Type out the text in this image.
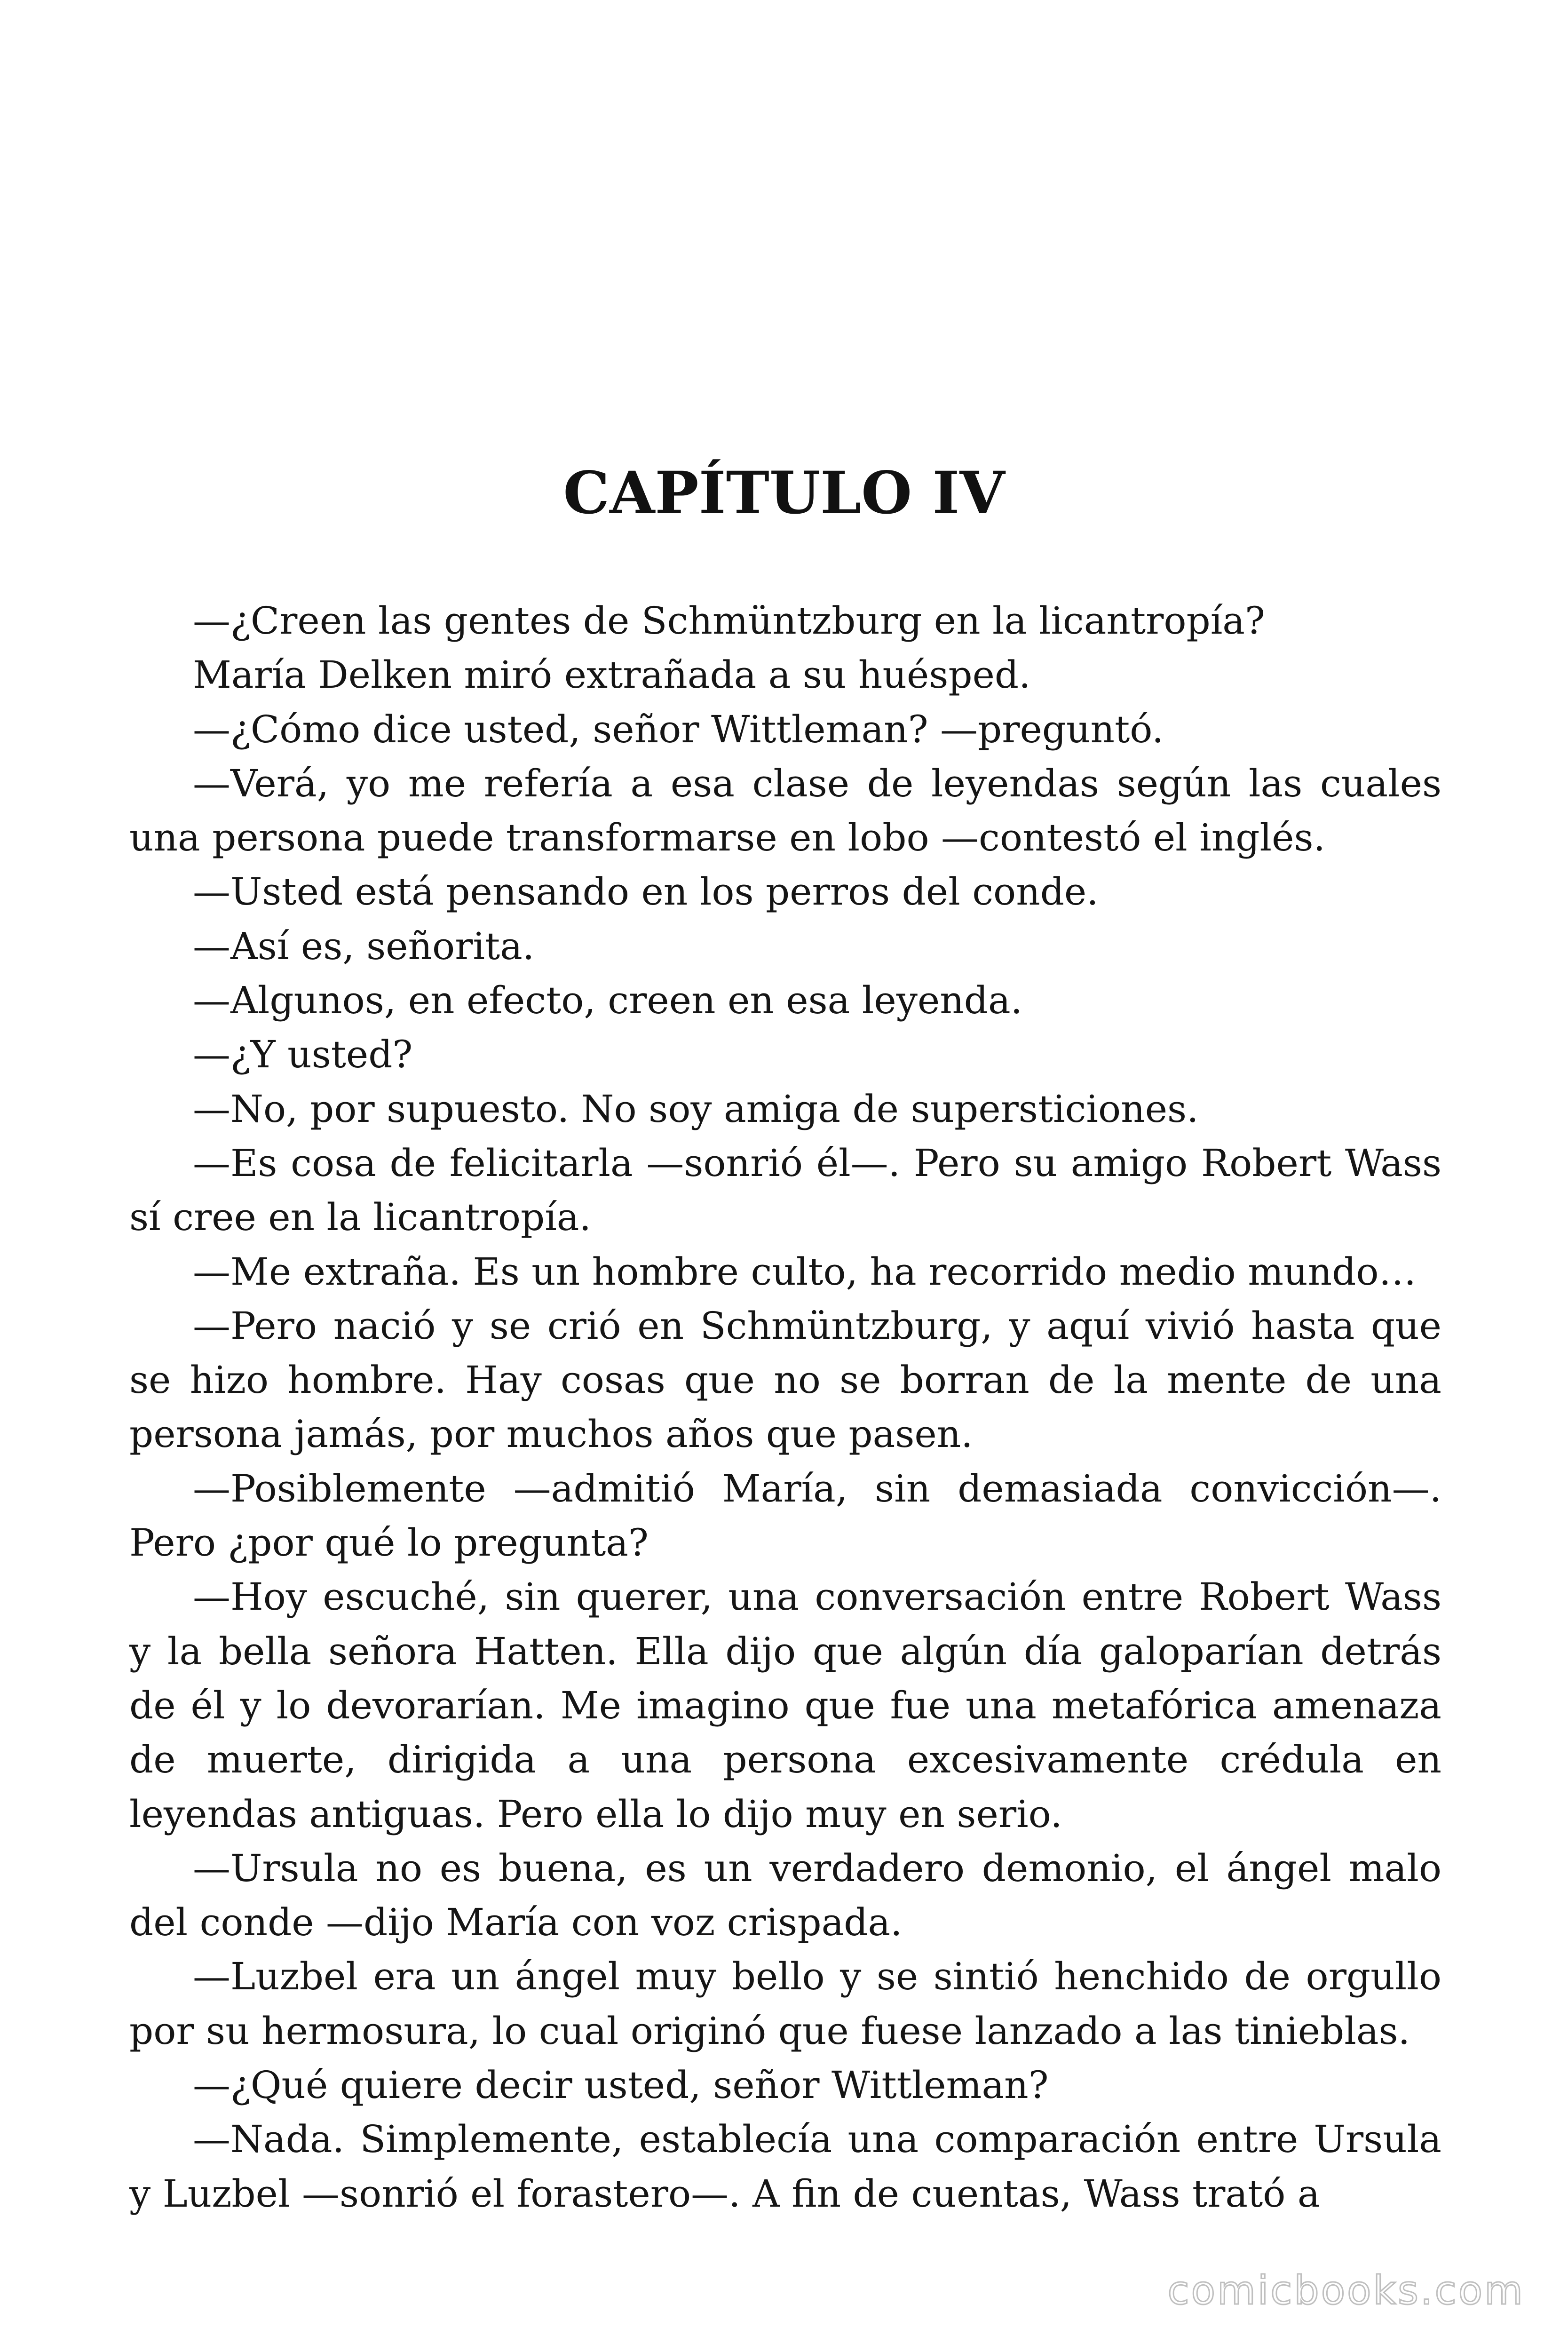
CAPÍTULO IV

—¿Creen las gentes de Schmüntzburg en la licantropía?

María Delken miró extrañada a su huésped.

—¿Cómo dice usted, señor Wittleman? —preguntó.

—Verá, yo me refería a esa clase de leyendas según las cuales una persona puede transformarse en lobo —contestó el inglés.

—Usted está pensando en los perros del conde.

—Así es, señorita.

—Algunos, en efecto, creen en esa leyenda.

—¿Y usted?

—No, por supuesto. No soy amiga de supersticiones.

—Es cosa de felicitarla —sonrió él—. Pero su amigo Robert Wass sí cree en la licantropía.

—Me extraña. Es un hombre culto, ha recorrido medio mundo…

—Pero nació y se crió en Schmüntzburg, y aquí vivió hasta que se hizo hombre. Hay cosas que no se borran de la mente de una persona jamás, por muchos años que pasen.

—Posiblemente —admitió María, sin demasiada convicción—. Pero ¿por qué lo pregunta?

—Hoy escuché, sin querer, una conversación entre Robert Wass y la bella señora Hatten. Ella dijo que algún día galoparían detrás de él y lo devorarían. Me imagino que fue una metafórica amenaza de muerte, dirigida a una persona excesivamente crédula en leyendas antiguas. Pero ella lo dijo muy en serio.

—Ursula no es buena, es un verdadero demonio, el ángel malo del conde —dijo María con voz crispada.

—Luzbel era un ángel muy bello y se sintió henchido de orgullo por su hermosura, lo cual originó que fuese lanzado a las tinieblas.

—¿Qué quiere decir usted, señor Wittleman?

—Nada. Simplemente, establecía una comparación entre Ursula y Luzbel —sonrió el forastero—. A fin de cuentas, Wass trató a

comicbooks.com
